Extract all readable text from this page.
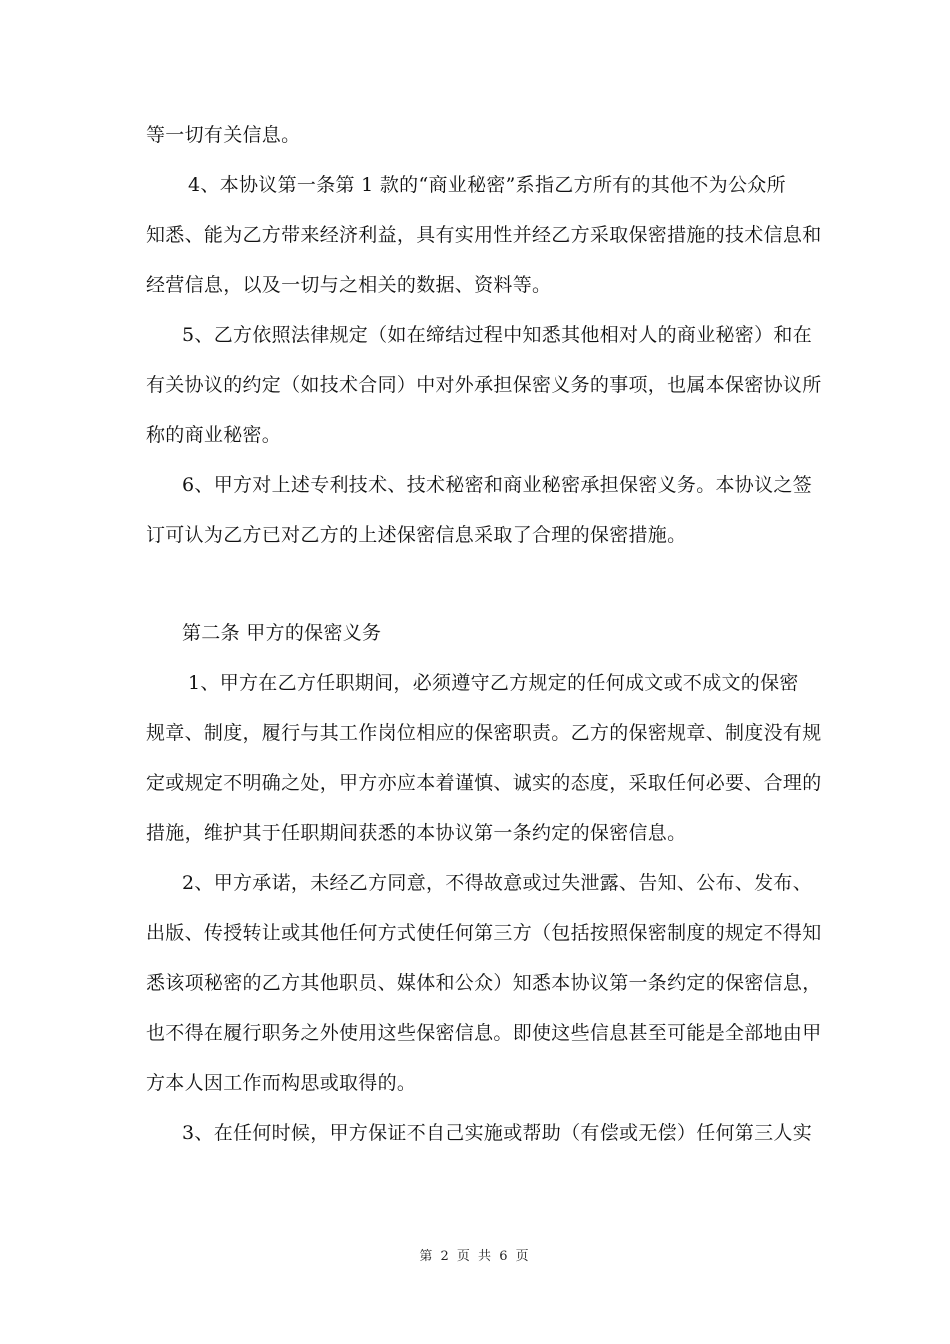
等一切有关信息。
4、本协议第一条第 1 款的“商业秘密”系指乙方所有的其他不为公众所
知悉、能为乙方带来经济利益，具有实用性并经乙方采取保密措施的技术信息和
经营信息，以及一切与之相关的数据、资料等。
5、乙方依照法律规定（如在缔结过程中知悉其他相对人的商业秘密）和在
有关协议的约定（如技术合同）中对外承担保密义务的事项，也属本保密协议所
称的商业秘密。
6、甲方对上述专利技术、技术秘密和商业秘密承担保密义务。本协议之签
订可认为乙方已对乙方的上述保密信息采取了合理的保密措施。
第二条 甲方的保密义务
1、甲方在乙方任职期间，必须遵守乙方规定的任何成文或不成文的保密
规章、制度，履行与其工作岗位相应的保密职责。乙方的保密规章、制度没有规
定或规定不明确之处，甲方亦应本着谨慎、诚实的态度，采取任何必要、合理的
措施，维护其于任职期间获悉的本协议第一条约定的保密信息。
2、甲方承诺，未经乙方同意，不得故意或过失泄露、告知、公布、发布、
出版、传授转让或其他任何方式使任何第三方（包括按照保密制度的规定不得知
悉该项秘密的乙方其他职员、媒体和公众）知悉本协议第一条约定的保密信息，
也不得在履行职务之外使用这些保密信息。即使这些信息甚至可能是全部地由甲
方本人因工作而构思或取得的。
3、在任何时候，甲方保证不自己实施或帮助（有偿或无偿）任何第三人实
第 2 页 共 6 页
